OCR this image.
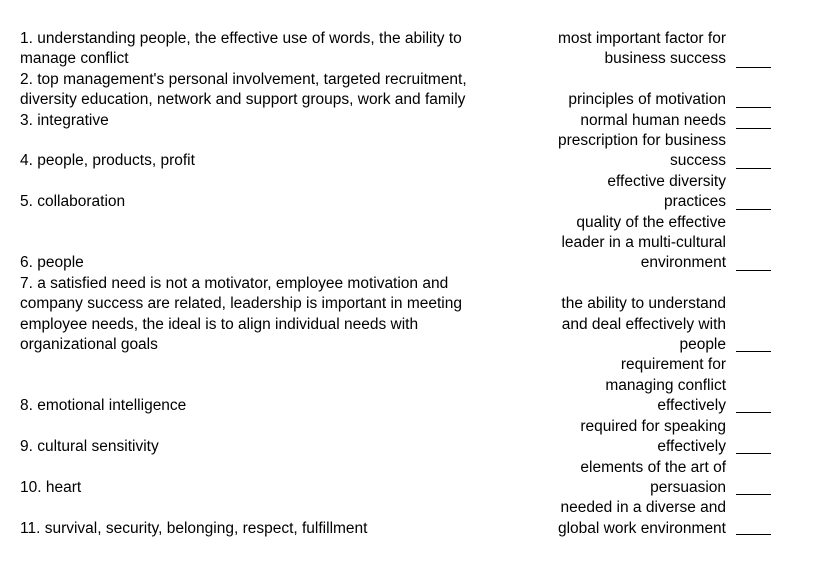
1. understanding people, the effective use of words, the ability to
manage conflict
2. top management's personal involvement, targeted recruitment,
diversity education, network and support groups, work and family
3. integrative
4. people, products, profit
5. collaboration
6. people
7. a satisfied need is not a motivator, employee motivation and
company success are related, leadership is important in meeting
employee needs, the ideal is to align individual needs with
organizational goals
8. emotional intelligence
9. cultural sensitivity
10. heart
11. survival, security, belonging, respect, fulfillment
most important factor for
business success
principles of motivation
normal human needs
prescription for business
success
effective diversity
practices
quality of the effective
leader in a multi-cultural
environment
the ability to understand
and deal effectively with
people
requirement for
managing conflict
effectively
required for speaking
effectively
elements of the art of
persuasion
needed in a diverse and
global work environment
